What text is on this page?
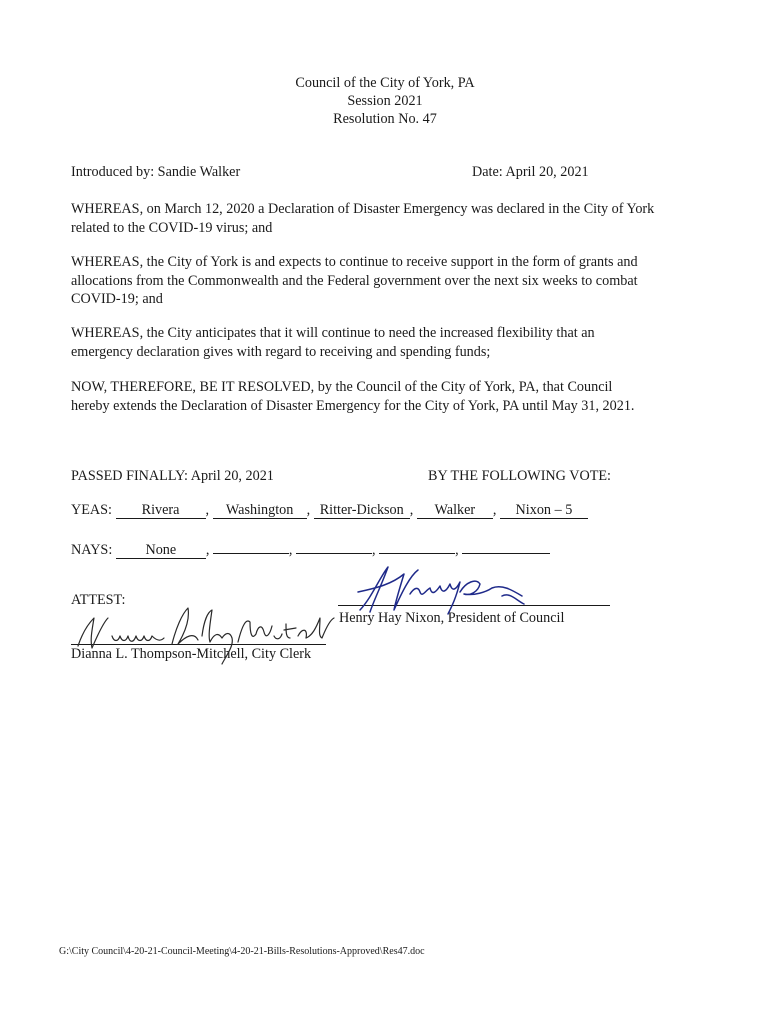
Council of the City of York, PA
Session 2021
Resolution No. 47
Introduced by: Sandie Walker	Date: April 20, 2021
WHEREAS, on March 12, 2020 a Declaration of Disaster Emergency was declared in the City of York
related to the COVID-19 virus; and
WHEREAS, the City of York is and expects to continue to receive support in the form of grants and
allocations from the Commonwealth and the Federal government over the next six weeks to combat
COVID-19; and
WHEREAS, the City anticipates that it will continue to need the increased flexibility that an
emergency declaration gives with regard to receiving and spending funds;
NOW, THEREFORE, BE IT RESOLVED, by the Council of the City of York, PA, that Council
hereby extends the Declaration of Disaster Emergency for the City of York, PA until May 31, 2021.
PASSED FINALLY: April 20, 2021	BY THE FOLLOWING VOTE:
YEAS: Rivera , Washington , Ritter-Dickson , Walker , Nixon – 5
NAYS: None ,	,	,	,
ATTEST:
Henry Hay Nixon, President of Council
Dianna L. Thompson-Mitchell, City Clerk
G:\City Council\4-20-21-Council-Meeting\4-20-21-Bills-Resolutions-Approved\Res47.doc
